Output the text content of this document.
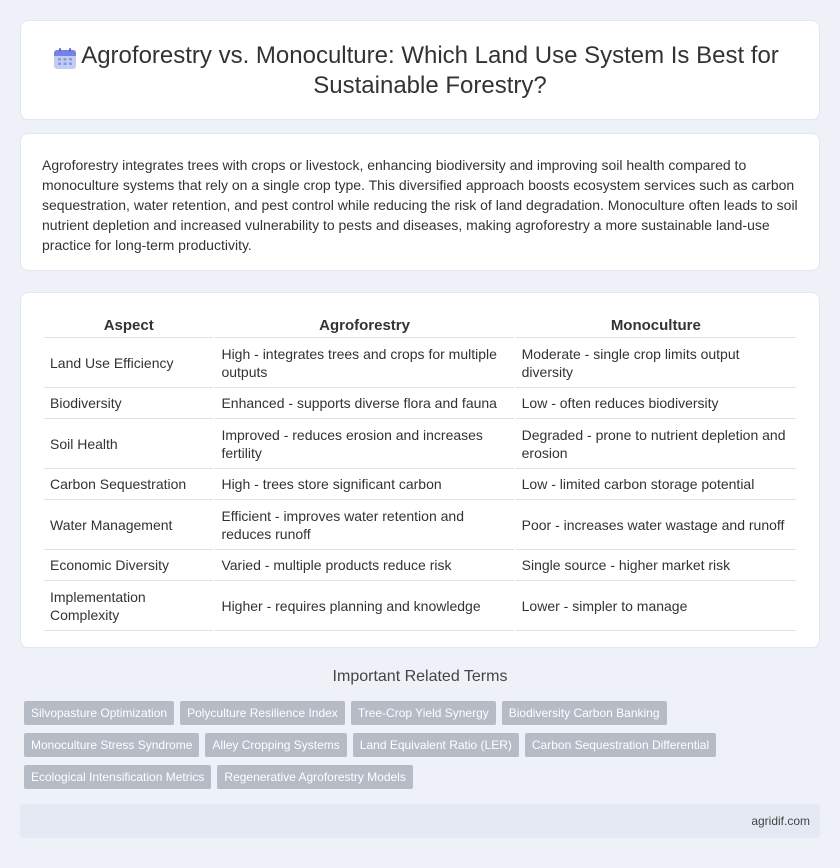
Agroforestry vs. Monoculture: Which Land Use System Is Best for Sustainable Forestry?

Agroforestry integrates trees with crops or livestock, enhancing biodiversity and improving soil health compared to monoculture systems that rely on a single crop type. This diversified approach boosts ecosystem services such as carbon sequestration, water retention, and pest control while reducing the risk of land degradation. Monoculture often leads to soil nutrient depletion and increased vulnerability to pests and diseases, making agroforestry a more sustainable land-use practice for long-term productivity.

Aspect	Agroforestry	Monoculture
Land Use Efficiency	High - integrates trees and crops for multiple outputs	Moderate - single crop limits output diversity
Biodiversity	Enhanced - supports diverse flora and fauna	Low - often reduces biodiversity
Soil Health	Improved - reduces erosion and increases fertility	Degraded - prone to nutrient depletion and erosion
Carbon Sequestration	High - trees store significant carbon	Low - limited carbon storage potential
Water Management	Efficient - improves water retention and reduces runoff	Poor - increases water wastage and runoff
Economic Diversity	Varied - multiple products reduce risk	Single source - higher market risk
Implementation Complexity	Higher - requires planning and knowledge	Lower - simpler to manage
Important Related Terms
Silvopasture Optimization Polyculture Resilience Index Tree-Crop Yield Synergy Biodiversity Carbon Banking
Monoculture Stress Syndrome Alley Cropping Systems Land Equivalent Ratio (LER) Carbon Sequestration Differential
Ecological Intensification Metrics Regenerative Agroforestry Models
agridif.com
